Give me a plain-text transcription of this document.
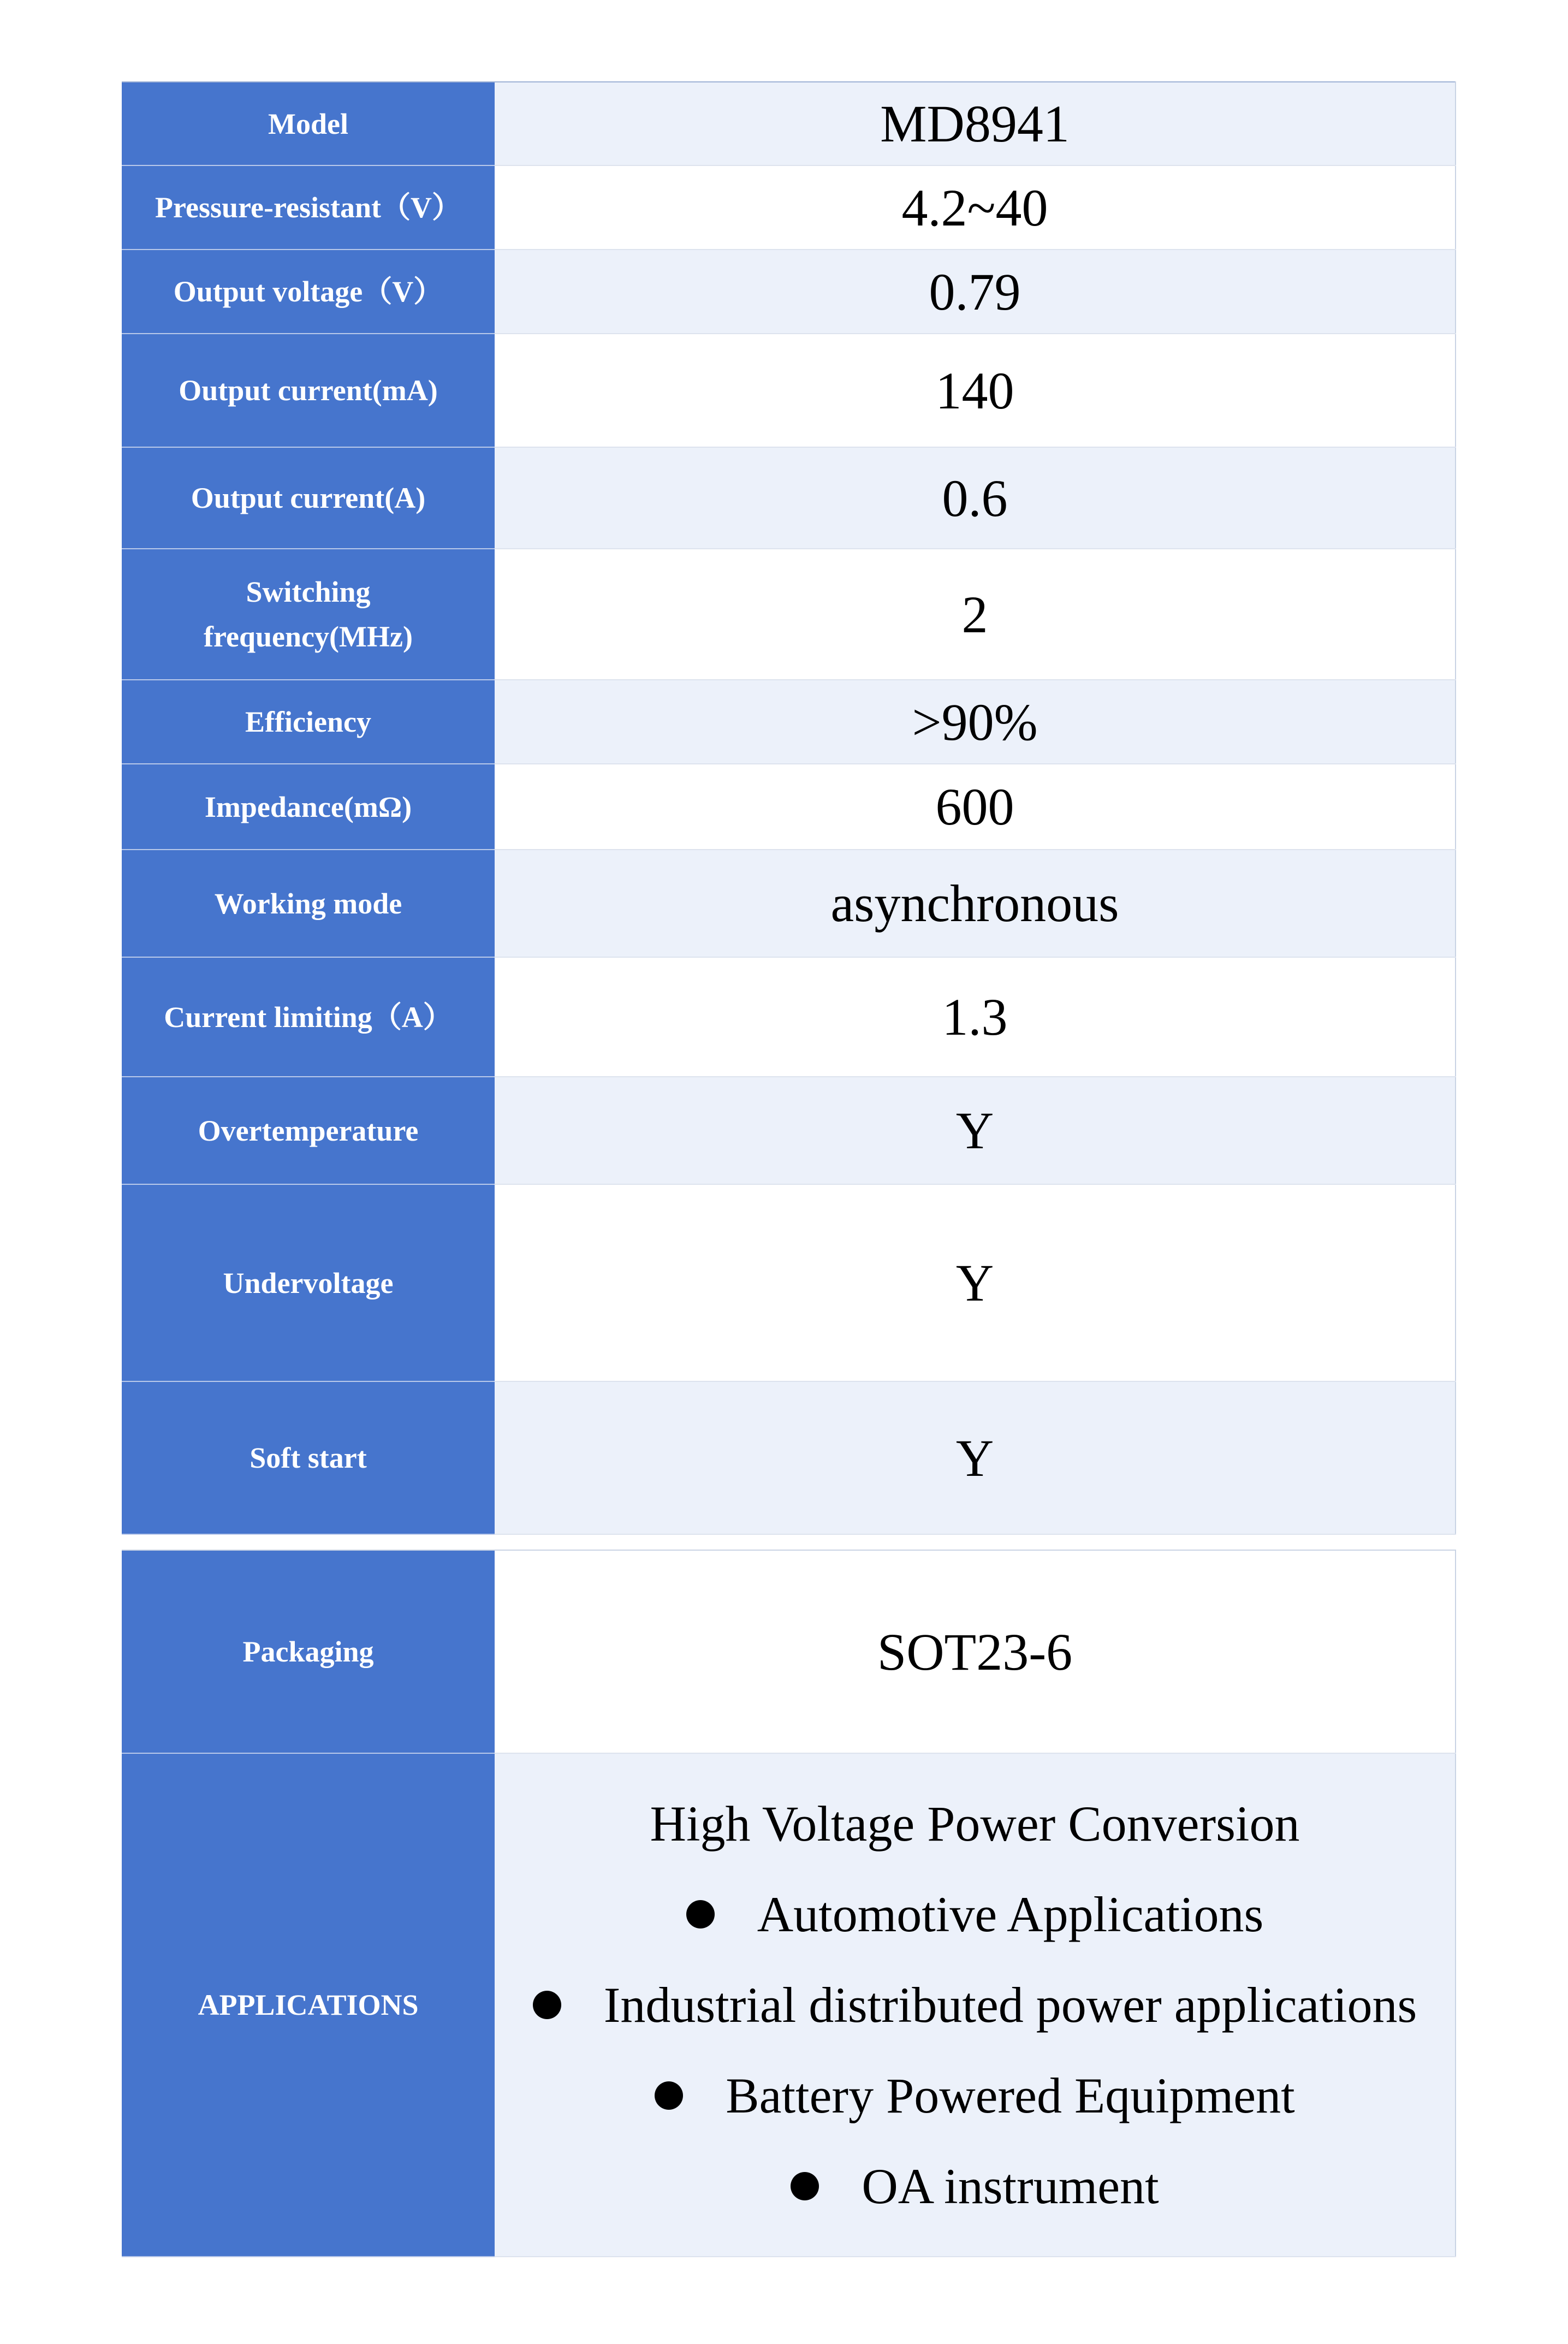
Model	MD8941
Pressure-resistant（V）	4.2~40
Output voltage（V）	0.79
Output current(mA)	140
Output current(A)	0.6
Switching frequency(MHz)	2
Efficiency	>90%
Impedance(mΩ)	600
Working mode	asynchronous
Current limiting（A）	1.3
Overtemperature	Y
Undervoltage	Y
Soft start	Y
Packaging	SOT23-6
APPLICATIONS	High Voltage Power Conversion
Automotive Applications
Industrial distributed power applications
Battery Powered Equipment
OA instrument
